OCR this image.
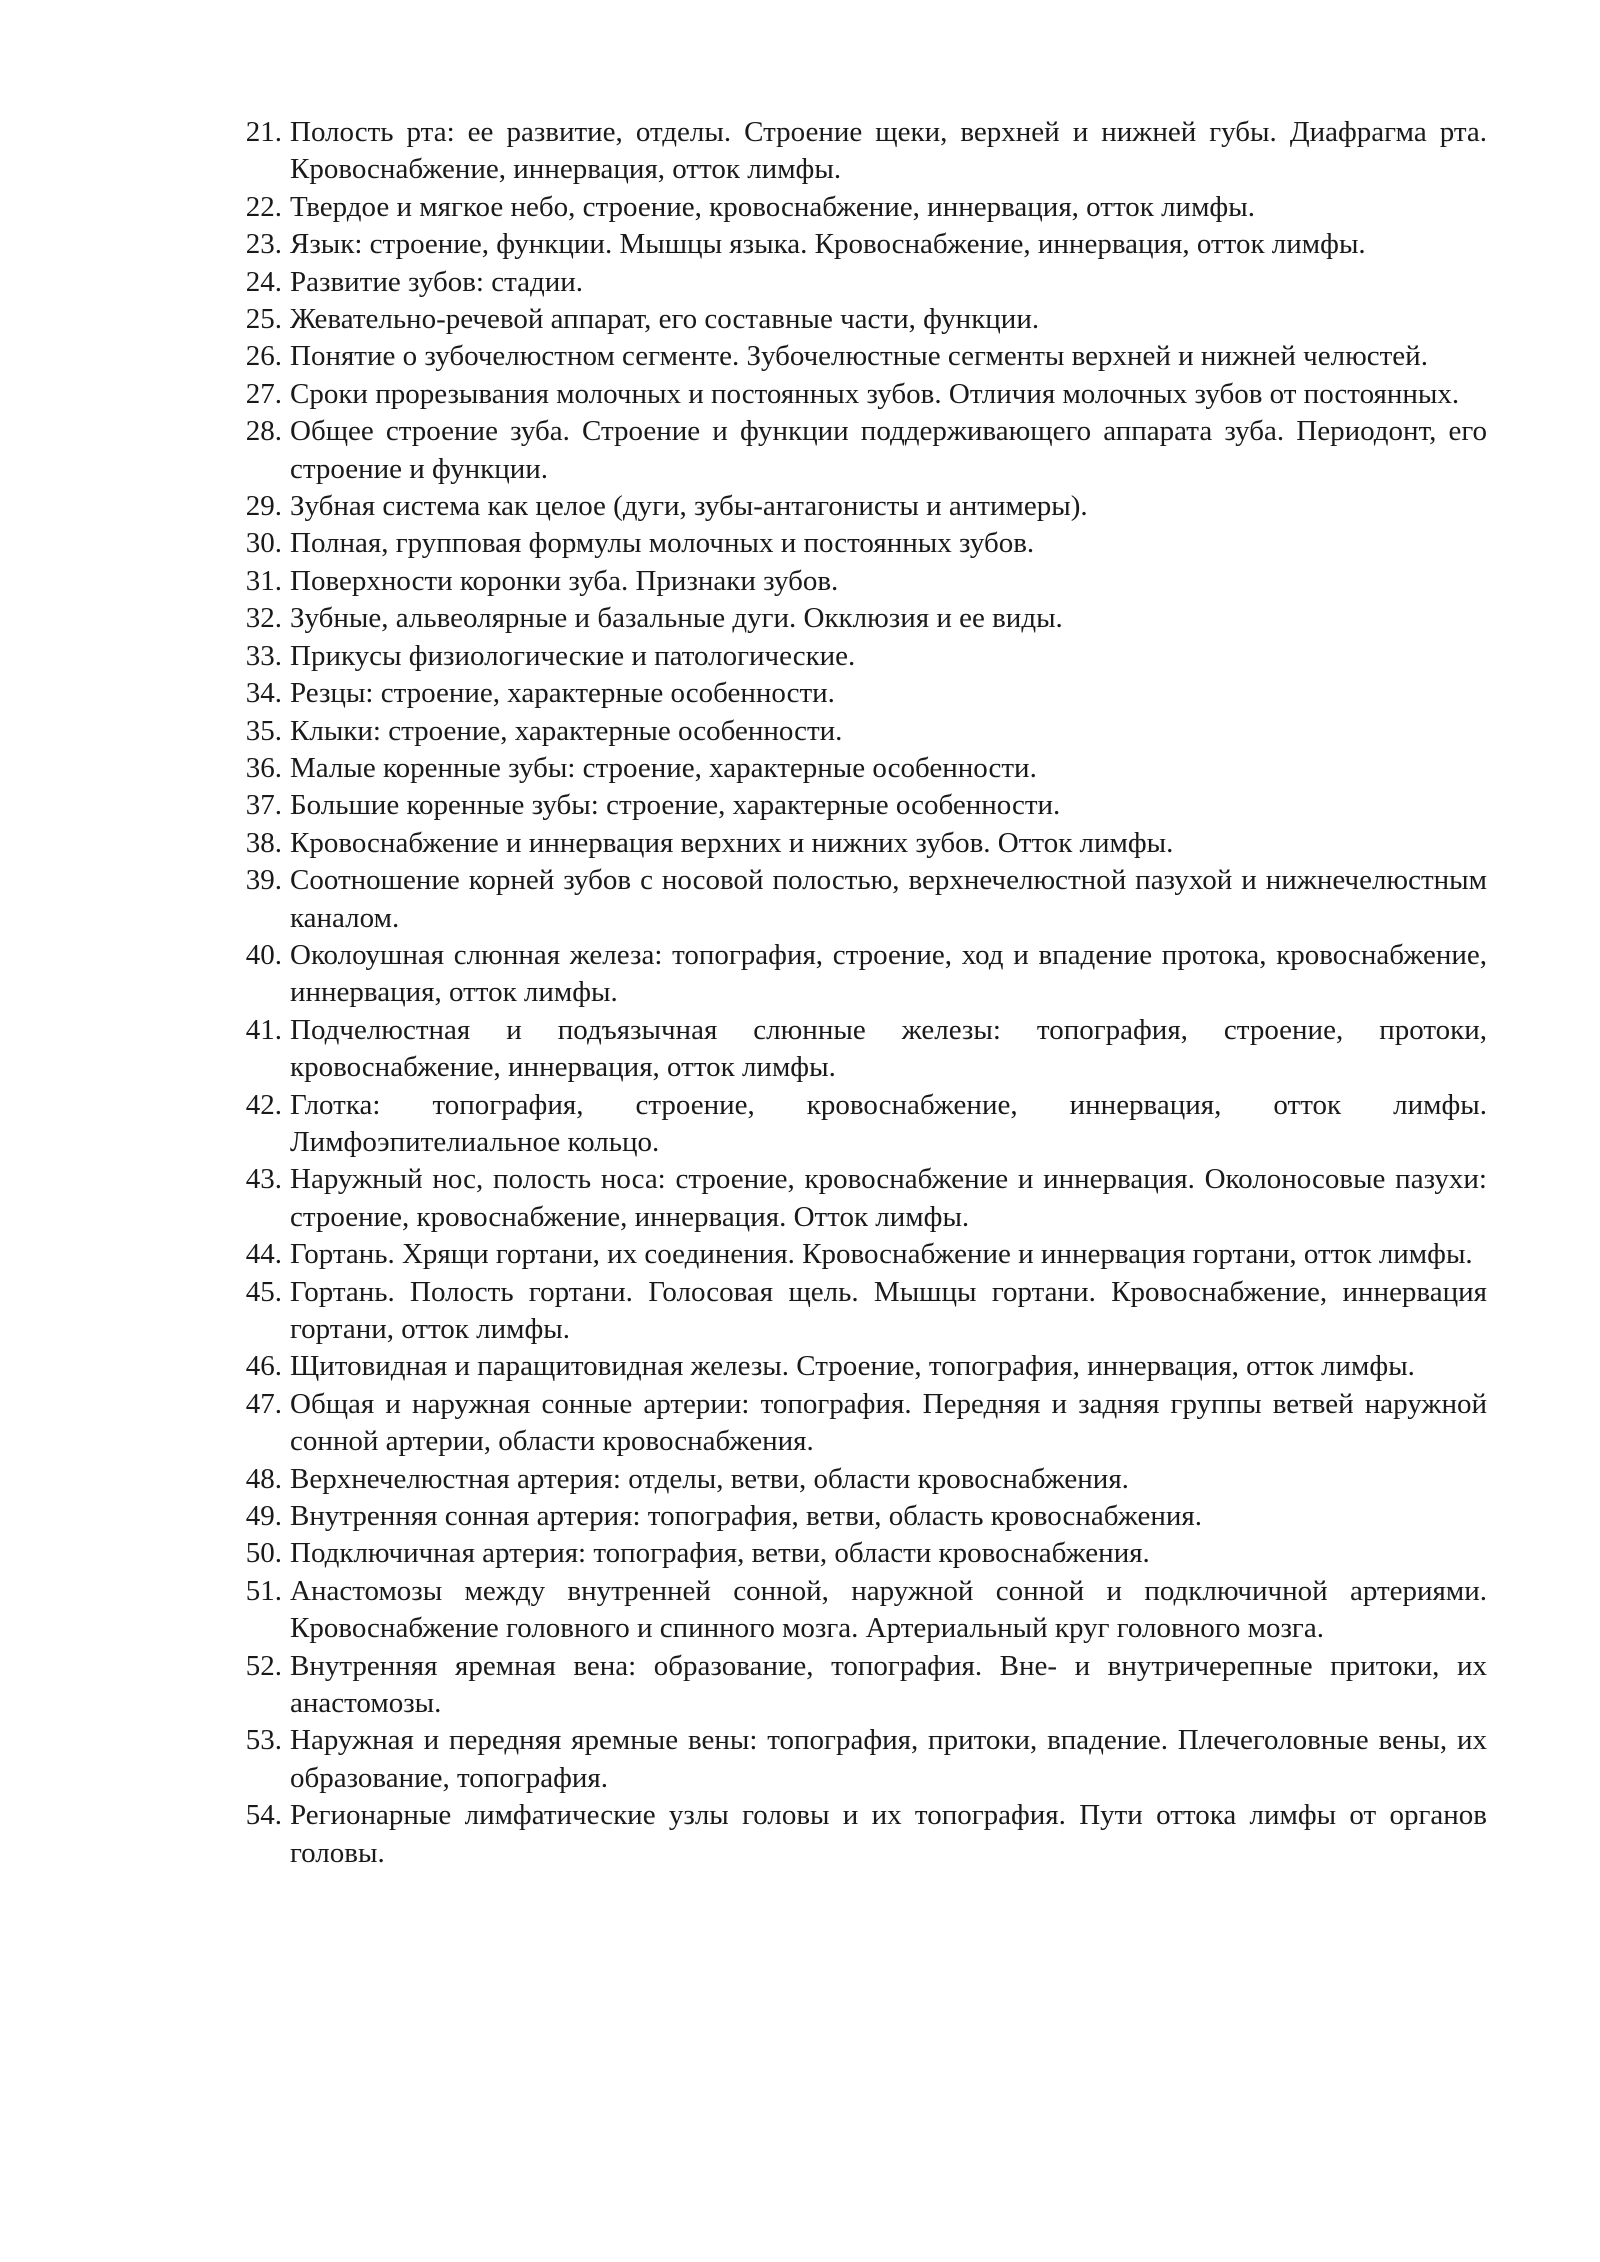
21. Полость рта: ее развитие, отделы. Строение щеки, верхней и нижней губы. Диафрагма рта. Кровоснабжение, иннервация, отток лимфы.
22. Твердое и мягкое небо, строение, кровоснабжение, иннервация, отток лимфы.
23. Язык: строение, функции. Мышцы языка. Кровоснабжение, иннервация, отток лимфы.
24. Развитие зубов: стадии.
25. Жевательно-речевой аппарат, его составные части, функции.
26. Понятие о зубочелюстном сегменте. Зубочелюстные сегменты верхней и нижней челюстей.
27. Сроки прорезывания молочных и постоянных зубов. Отличия молочных зубов от постоянных.
28. Общее строение зуба. Строение и функции поддерживающего аппарата зуба. Периодонт, его строение и функции.
29. Зубная система как целое (дуги, зубы-антагонисты и антимеры).
30. Полная, групповая формулы молочных и постоянных зубов.
31. Поверхности коронки зуба. Признаки зубов.
32. Зубные, альвеолярные и базальные дуги. Окклюзия и ее виды.
33. Прикусы физиологические и патологические.
34. Резцы: строение, характерные особенности.
35. Клыки: строение, характерные особенности.
36. Малые коренные зубы: строение, характерные особенности.
37. Большие коренные зубы: строение, характерные особенности.
38. Кровоснабжение и иннервация верхних и нижних зубов. Отток лимфы.
39. Соотношение корней зубов с носовой полостью, верхнечелюстной пазухой и нижнечелюстным каналом.
40. Околоушная слюнная железа: топография, строение, ход и впадение протока, кровоснабжение, иннервация, отток лимфы.
41. Подчелюстная и подъязычная слюнные железы: топография, строение, протоки, кровоснабжение, иннервация, отток лимфы.
42. Глотка: топография, строение, кровоснабжение, иннервация, отток лимфы. Лимфоэпителиальное кольцо.
43. Наружный нос, полость носа: строение, кровоснабжение и иннервация. Околоносовые пазухи: строение, кровоснабжение, иннервация. Отток лимфы.
44. Гортань. Хрящи гортани, их соединения. Кровоснабжение и иннервация гортани, отток лимфы.
45. Гортань. Полость гортани. Голосовая щель. Мышцы гортани. Кровоснабжение, иннервация гортани, отток лимфы.
46. Щитовидная и паращитовидная железы. Строение, топография, иннервация, отток лимфы.
47. Общая и наружная сонные артерии: топография. Передняя и задняя группы ветвей наружной сонной артерии, области кровоснабжения.
48. Верхнечелюстная артерия: отделы, ветви, области кровоснабжения.
49. Внутренняя сонная артерия: топография, ветви, область кровоснабжения.
50. Подключичная артерия: топография, ветви, области кровоснабжения.
51. Анастомозы между внутренней сонной, наружной сонной и подключичной артериями. Кровоснабжение головного и спинного мозга. Артериальный круг головного мозга.
52. Внутренняя яремная вена: образование, топография. Вне- и внутричерепные притоки, их анастомозы.
53. Наружная и передняя яремные вены: топография, притоки, впадение. Плечеголовные вены, их образование, топография.
54. Регионарные лимфатические узлы головы и их топография. Пути оттока лимфы от органов головы.
